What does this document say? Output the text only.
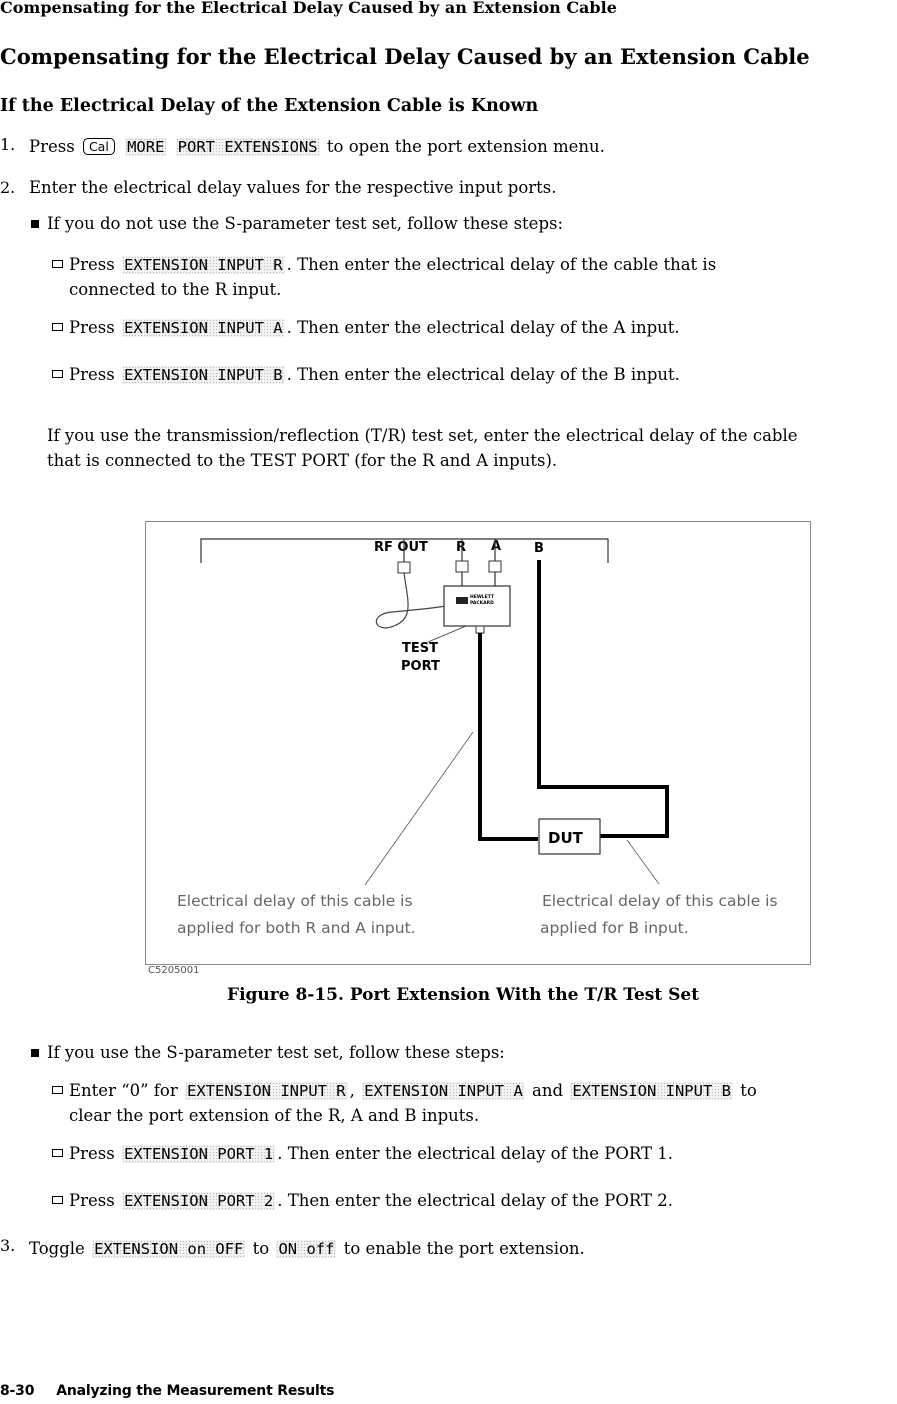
Compensating for the Electrical Delay Caused by an Extension Cable
Compensating for the Electrical Delay Caused by an Extension Cable
If the Electrical Delay of the Extension Cable is Known
1. Press Cal MORE PORT EXTENSIONS to open the port extension menu.
2. Enter the electrical delay values for the respective input ports.
If you do not use the S-parameter test set, follow these steps:
Press EXTENSION INPUT R . Then enter the electrical delay of the cable that is
connected to the R input.
Press EXTENSION INPUT A . Then enter the electrical delay of the A input.
Press EXTENSION INPUT B . Then enter the electrical delay of the B input.
If you use the transmission/reflection (T/R) test set, enter the electrical delay of the cable
that is connected to the TEST PORT (for the R and A inputs).
RF OUT R A	B
HEWLETT
PACKARD
TEST
PORT
DUT
Electrical delay of this cable is
applied for both R and A input.
Electrical delay of this cable is
applied for B input.
C5205001
Figure 8-15. Port Extension With the T/R Test Set
If you use the S-parameter test set, follow these steps:
Enter “0” for EXTENSION INPUT R , EXTENSION INPUT A and EXTENSION INPUT B to
clear the port extension of the R, A and B inputs.
Press EXTENSION PORT 1 . Then enter the electrical delay of the PORT 1.
Press EXTENSION PORT 2 . Then enter the electrical delay of the PORT 2.
3. Toggle EXTENSION on OFF to ON off to enable the port extension.
8-30 Analyzing the Measurement Results
